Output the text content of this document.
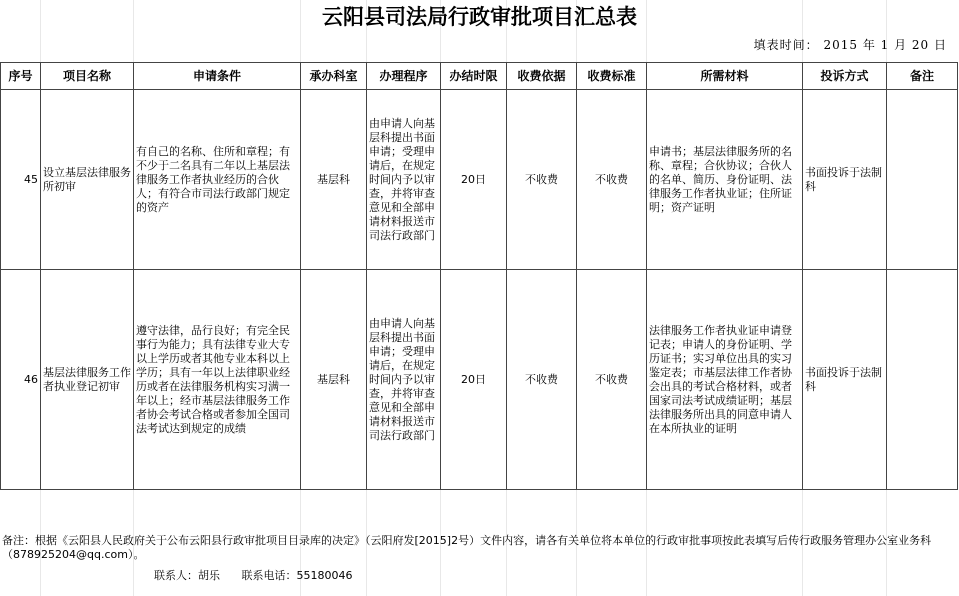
云阳县司法局行政审批项目汇总表
填表时间： 2015 年 1 月 20 日
序号	项目名称	申请条件	承办科室	办理程序	办结时限	收费依据	收费标准	所需材料	投诉方式	备注
45	设立基层法律服务所初审	有自己的名称、住所和章程；有不少于二名具有二年以上基层法律服务工作者执业经历的合伙人；有符合市司法行政部门规定的资产	基层科	由申请人向基层科提出书面申请；受理申请后，在规定时间内予以审查，并将审查意见和全部申请材料报送市司法行政部门	20日	不收费	不收费	申请书；基层法律服务所的名称、章程；合伙协议；合伙人的名单、简历、身份证明、法律服务工作者执业证；住所证明；资产证明	书面投诉于法制科	
46	基层法律服务工作者执业登记初审	遵守法律，品行良好；有完全民事行为能力；具有法律专业大专以上学历或者其他专业本科以上学历；具有一年以上法律职业经历或者在法律服务机构实习满一年以上；经市基层法律服务工作者协会考试合格或者参加全国司法考试达到规定的成绩	基层科	由申请人向基层科提出书面申请；受理申请后，在规定时间内予以审查，并将审查意见和全部申请材料报送市司法行政部门	20日	不收费	不收费	法律服务工作者执业证申请登记表；申请人的身份证明、学历证书；实习单位出具的实习鉴定表；市基层法律工作者协会出具的考试合格材料，或者国家司法考试成绩证明；基层法律服务所出具的同意申请人在本所执业的证明	书面投诉于法制科	
备注：根据《云阳县人民政府关于公布云阳县行政审批项目目录库的决定》（云阳府发[2015]2号）文件内容，请各有关单位将本单位的行政审批事项按此表填写后传行政服务管理办公室业务科（878925204@qq.com）。
联系人：胡乐 联系电话：55180046
